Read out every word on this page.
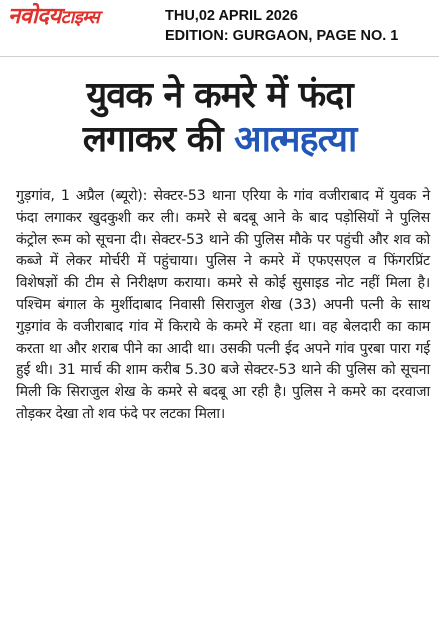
नवोदयटाइम्स	THU,02 APRIL 2026
EDITION: GURGAON, PAGE NO. 1
युवक ने कमरे में फंदा
लगाकर की आत्महत्या
गुड़गांव, 1 अप्रैल (ब्यूरो): सेक्टर-53 थाना एरिया के गांव वजीराबाद में युवक ने फंदा लगाकर खुदकुशी कर ली। कमरे से बदबू आने के बाद पड़ोसियों ने पुलिस कंट्रोल रूम को सूचना दी। सेक्टर-53 थाने की पुलिस मौके पर पहुंची और शव को कब्जे में लेकर मोर्चरी में पहुंचाया। पुलिस ने कमरे में एफएसएल व फिंगरप्रिंट विशेषज्ञों की टीम से निरीक्षण कराया। कमरे से कोई सुसाइड नोट नहीं मिला है। पश्चिम बंगाल के मुर्शीदाबाद निवासी सिराजुल शेख (33) अपनी पत्नी के साथ गुड़गांव के वजीराबाद गांव में किराये के कमरे में रहता था। वह बेलदारी का काम करता था और शराब पीने का आदी था। उसकी पत्नी ईद अपने गांव पुरबा पारा गई हुई थी। 31 मार्च की शाम करीब 5.30 बजे सेक्टर-53 थाने की पुलिस को सूचना मिली कि सिराजुल शेख के कमरे से बदबू आ रही है। पुलिस ने कमरे का दरवाजा तोड़कर देखा तो शव फंदे पर लटका मिला।
